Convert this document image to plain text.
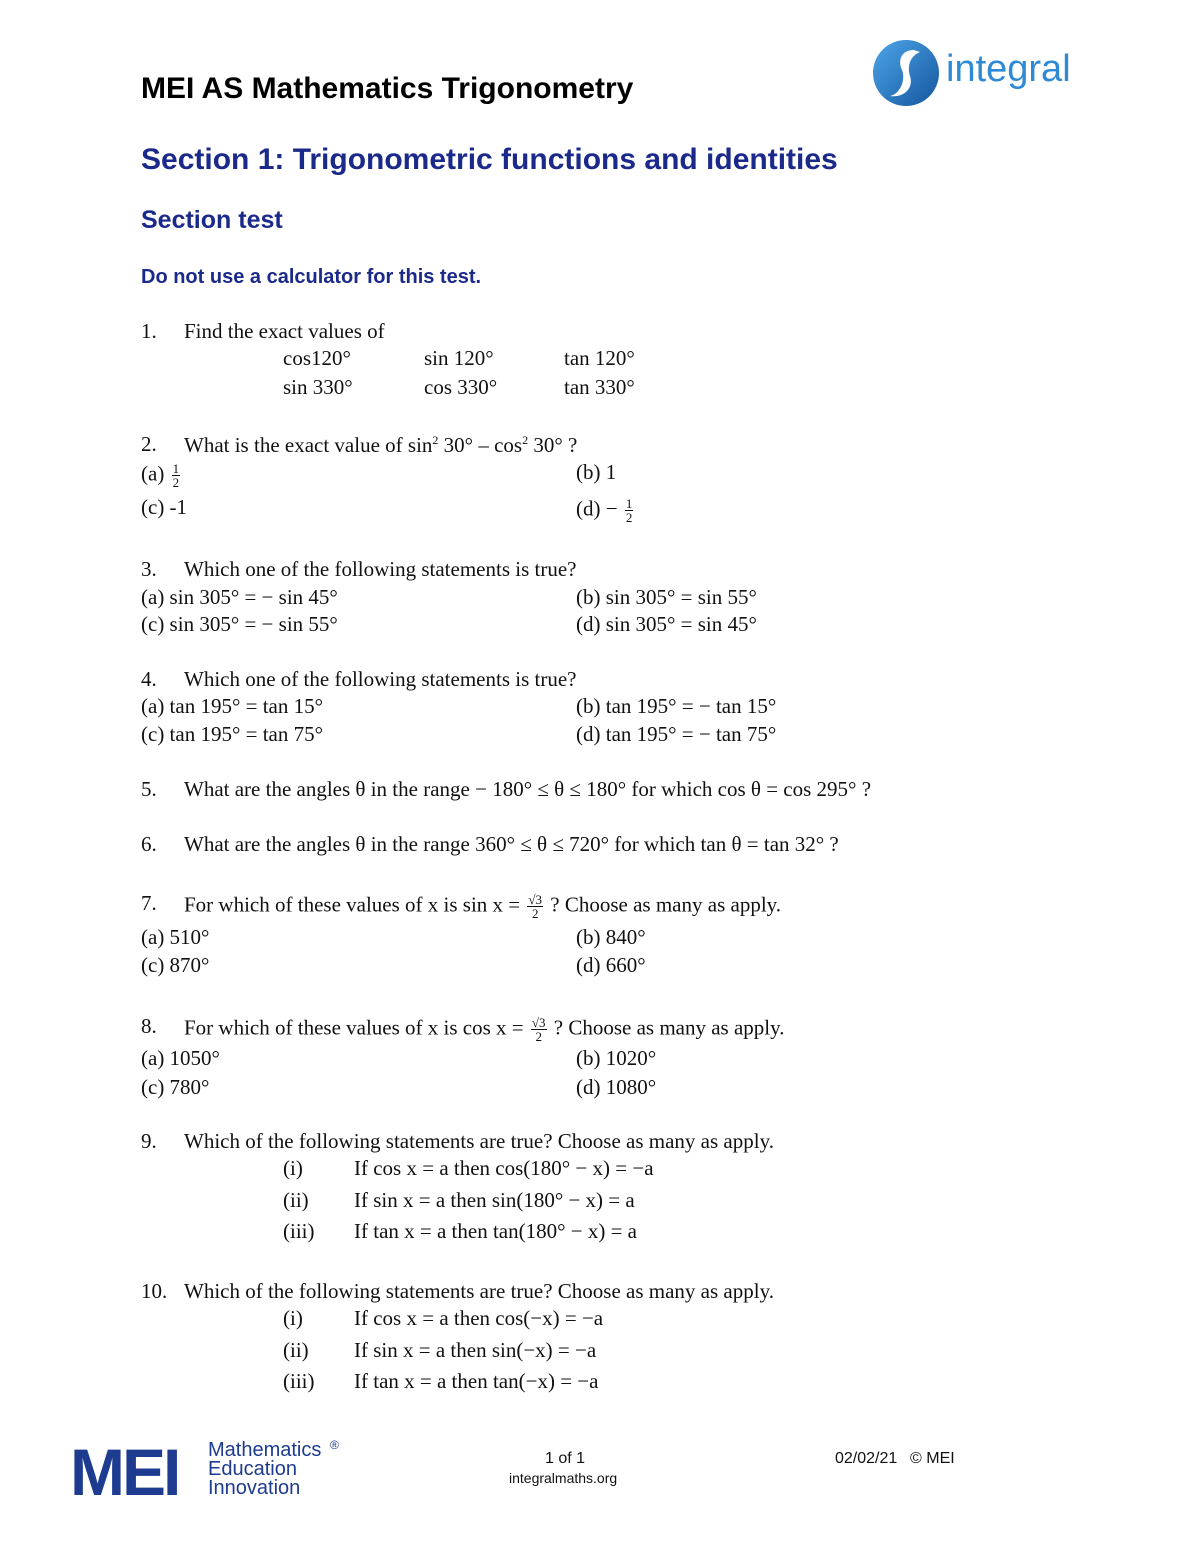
MEI AS Mathematics Trigonometry	integral
Section 1: Trigonometric functions and identities
Section test
Do not use a calculator for this test.
1. Find the exact values of
cos120°	sin 120°	tan 120°
sin 330°	cos 330°	tan 330°
2. What is the exact value of $\sin^2 30^\circ - \cos^2 30^\circ$ ?
$(a) \frac{1}{2}$	(b) 1
(c) -1	$(d) - \frac{1}{2}$
3. Which one of the following statements is true?
(a) sin 305° = − sin 45°	(b) sin 305° = sin 55°
(c) sin 305° = − sin 55°	(d) sin 305° = sin 45°
4. Which one of the following statements is true?
(a) tan 195° = tan 15°	(b) tan 195° = − tan 15°
(c) tan 195° = tan 75°	(d) tan 195° = − tan 75°
5. What are the angles θ in the range − 180° ≤ θ ≤ 180° for which cos θ = cos 295° ?
6. What are the angles θ in the range 360° ≤ θ ≤ 720° for which tan θ = tan 32° ?
7. For which of these values of x is $\sin x = \frac{√3}{2}$ ? Choose as many as apply.
(a) 510°	(b) 840°
(c) 870°	(d) 660°
8. For which of these values of x is $\cos x = \frac{√3}{2}$ ? Choose as many as apply.
(a) 1050°	(b) 1020°
(c) 780°	(d) 1080°
9. Which of the following statements are true? Choose as many as apply.
(i) If cos x = a then cos(180° − x) = −a
(ii) If sin x = a then sin(180° − x) = a
(iii) If tan x = a then tan(180° − x) = a
10. Which of the following statements are true? Choose as many as apply.
(i) If cos x = a then cos(−x) = −a
(ii) If sin x = a then sin(−x) = −a
(iii) If tan x = a then tan(−x) = −a
MEI Mathematics ®
Education
Innovation
1 of 1
integralmaths.org
02/02/21 © MEI
